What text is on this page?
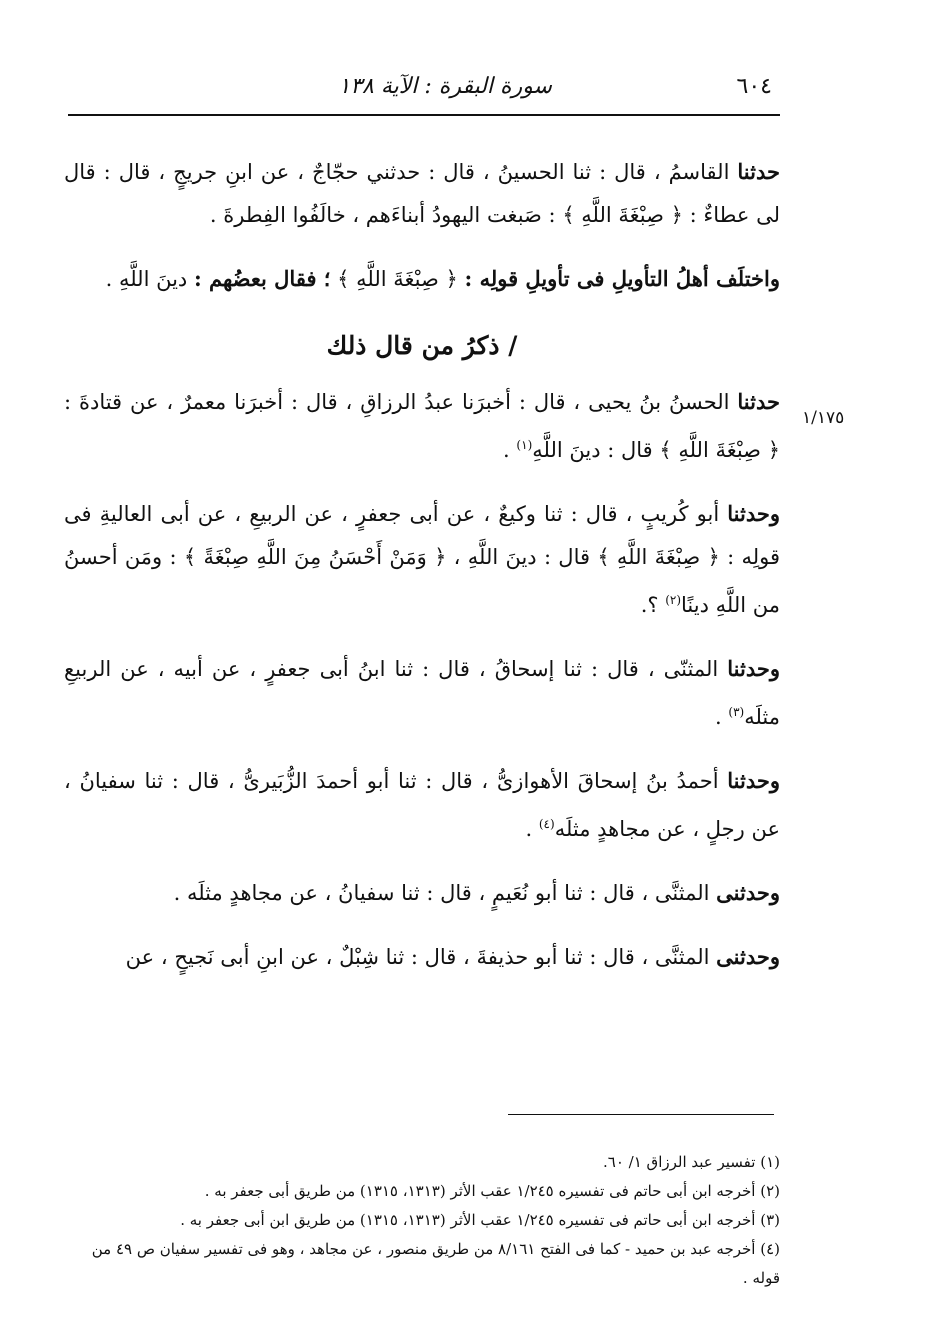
٦٠٤
سورة البقرة : الآية ١٣٨
١/١٧٥

حدثنا القاسمُ ، قال : ثنا الحسينُ ، قال : حدثني حجّاجٌ ، عن ابنِ جريجٍ ، قال : قال لى عطاءٌ : ﴿ صِبْغَةَ اللَّهِ ﴾ : صَبغت اليهودُ أبناءَهم ، خالَفُوا الفِطرةَ .

واختلَف أهلُ التأويلِ فى تأويلِ قولِه : ﴿ صِبْغَةَ اللَّهِ ﴾ ؛ فقال بعضُهم : دينَ اللَّهِ .

/ ذكرُ من قال ذلك

حدثنا الحسنُ بنُ يحيى ، قال : أخبرَنا عبدُ الرزاقِ ، قال : أخبرَنا معمرٌ ، عن قتادةَ : ﴿ صِبْغَةَ اللَّهِ ﴾ قال : دينَ اللَّهِ$^{(١)}$ .

وحدثنا أبو كُريبٍ ، قال : ثنا وكيعٌ ، عن أبى جعفرٍ ، عن الربيعِ ، عن أبى العاليةِ فى قولِه : ﴿ صِبْغَةَ اللَّهِ ﴾ قال : دينَ اللَّهِ ، ﴿ وَمَنْ أَحْسَنُ مِنَ اللَّهِ صِبْغَةً ﴾ : ومَن أحسنُ من اللَّهِ دينًا$^{(٢)}$ ؟.

وحدثنا المثنّى ، قال : ثنا إسحاقُ ، قال : ثنا ابنُ أبى جعفرٍ ، عن أبيه ، عن الربيعِ مثلَه$^{(٣)}$ .

وحدثنا أحمدُ بنُ إسحاقَ الأهوازىُّ ، قال : ثنا أبو أحمدَ الزُّبَيرىُّ ، قال : ثنا سفيانُ ، عن رجلٍ ، عن مجاهدٍ مثلَه$^{(٤)}$ .

وحدثنى المثنَّى ، قال : ثنا أبو نُعَيمٍ ، قال : ثنا سفيانُ ، عن مجاهدٍ مثلَه .

وحدثنى المثنَّى ، قال : ثنا أبو حذيفةَ ، قال : ثنا شِبْلٌ ، عن ابنِ أبى نَجيحٍ ، عن

(١) تفسير عبد الرزاق ١/ ٦٠.

(٢) أخرجه ابن أبى حاتم فى تفسيره ١/٢٤٥ عقب الأثر (١٣١٣، ١٣١٥) من طريق أبى جعفر به .

(٣) أخرجه ابن أبى حاتم فى تفسيره ١/٢٤٥ عقب الأثر (١٣١٣، ١٣١٥) من طريق ابن أبى جعفر به .

(٤) أخرجه عبد بن حميد - كما فى الفتح ٨/١٦١ من طريق منصور ، عن مجاهد ، وهو فى تفسير سفيان ص ٤٩ من قوله .
